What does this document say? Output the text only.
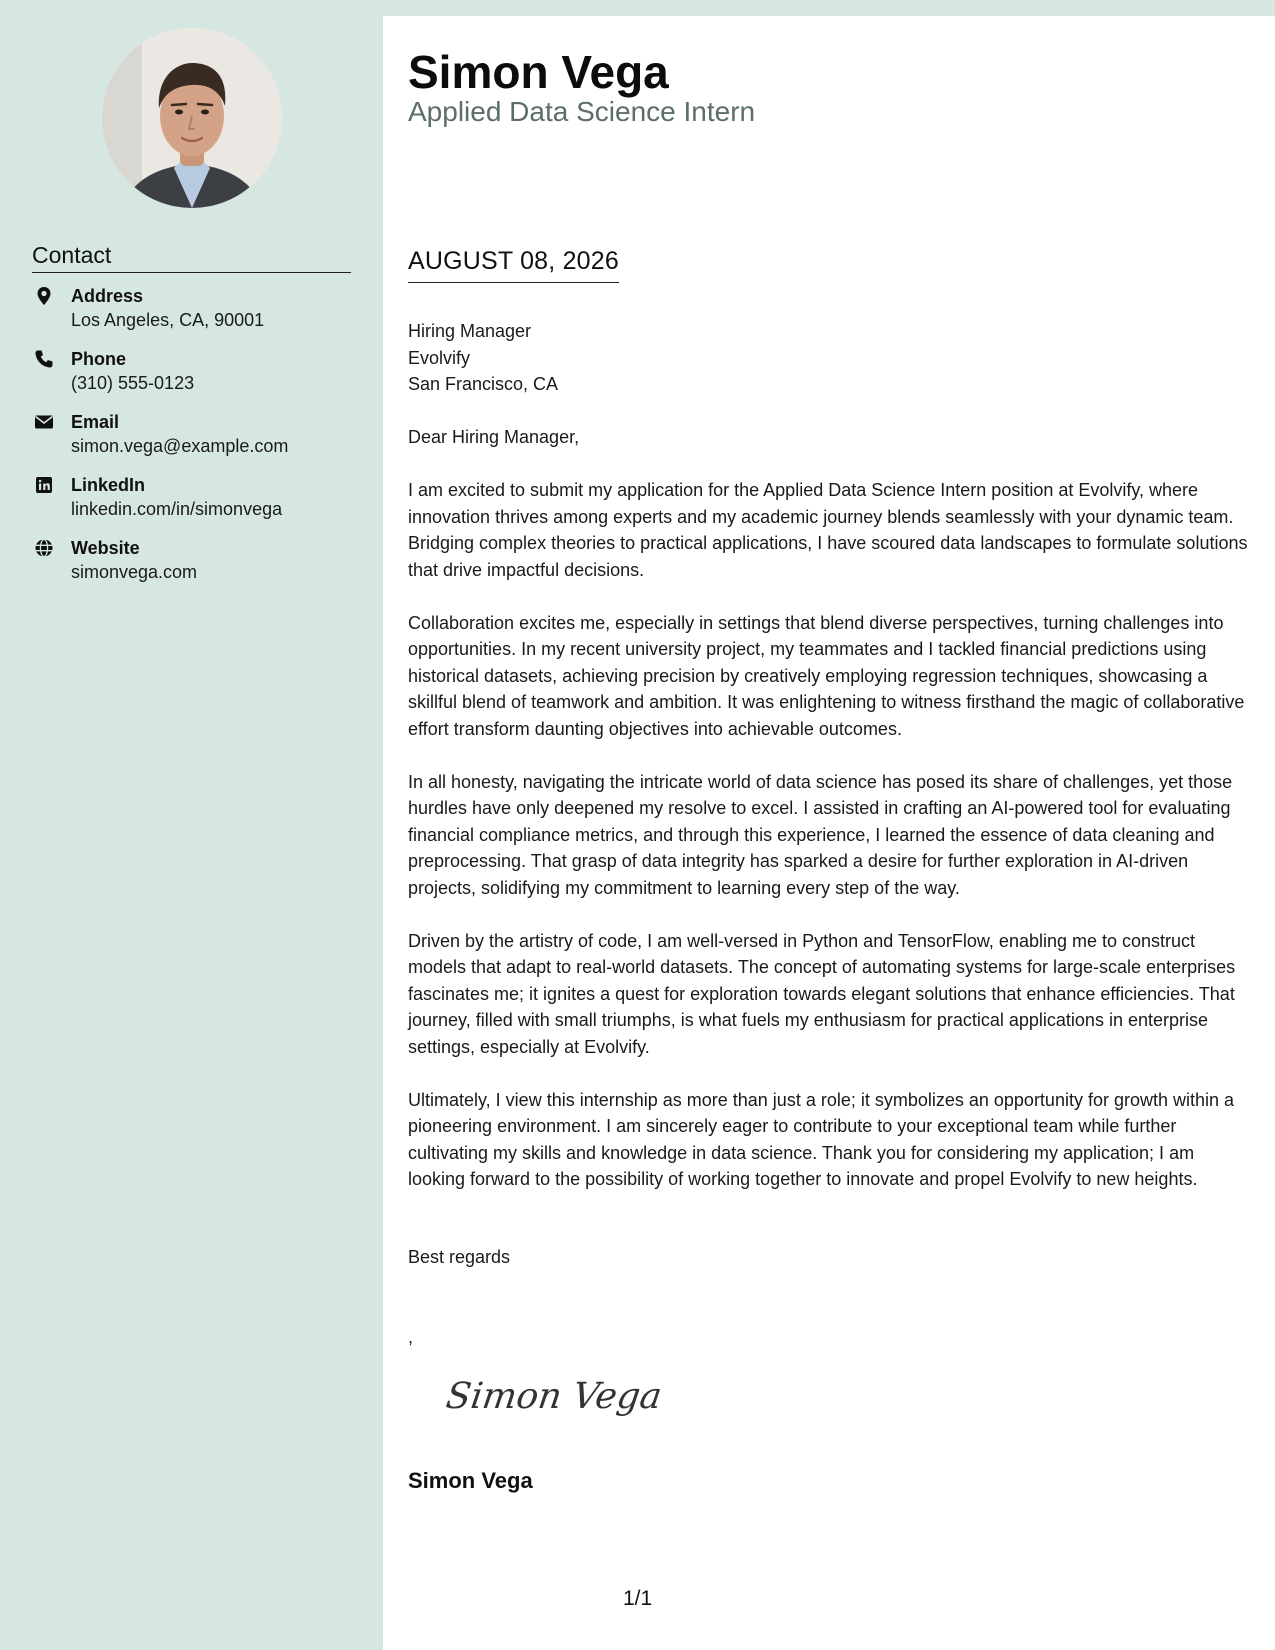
Contact
Address
Los Angeles, CA, 90001
Phone
(310) 555-0123
Email
simon.vega@example.com
LinkedIn
linkedin.com/in/simonvega
Website
simonvega.com
Simon Vega
Applied Data Science Intern
AUGUST 08, 2026
Hiring Manager
Evolvify
San Francisco, CA

Dear Hiring Manager,

I am excited to submit my application for the Applied Data Science Intern position at Evolvify, where innovation thrives among experts and my academic journey blends seamlessly with your dynamic team. Bridging complex theories to practical applications, I have scoured data landscapes to formulate solutions that drive impactful decisions.

Collaboration excites me, especially in settings that blend diverse perspectives, turning challenges into opportunities. In my recent university project, my teammates and I tackled financial predictions using historical datasets, achieving precision by creatively employing regression techniques, showcasing a skillful blend of teamwork and ambition. It was enlightening to witness firsthand the magic of collaborative effort transform daunting objectives into achievable outcomes.

In all honesty, navigating the intricate world of data science has posed its share of challenges, yet those hurdles have only deepened my resolve to excel. I assisted in crafting an AI-powered tool for evaluating financial compliance metrics, and through this experience, I learned the essence of data cleaning and preprocessing. That grasp of data integrity has sparked a desire for further exploration in AI-driven projects, solidifying my commitment to learning every step of the way.

Driven by the artistry of code, I am well-versed in Python and TensorFlow, enabling me to construct models that adapt to real-world datasets. The concept of automating systems for large-scale enterprises fascinates me; it ignites a quest for exploration towards elegant solutions that enhance efficiencies. That journey, filled with small triumphs, is what fuels my enthusiasm for practical applications in enterprise settings, especially at Evolvify.

Ultimately, I view this internship as more than just a role; it symbolizes an opportunity for growth within a pioneering environment. I am sincerely eager to contribute to your exceptional team while further cultivating my skills and knowledge in data science. Thank you for considering my application; I am looking forward to the possibility of working together to innovate and propel Evolvify to new heights.

Best regards
,
Simon Vega
Simon Vega
1/1
